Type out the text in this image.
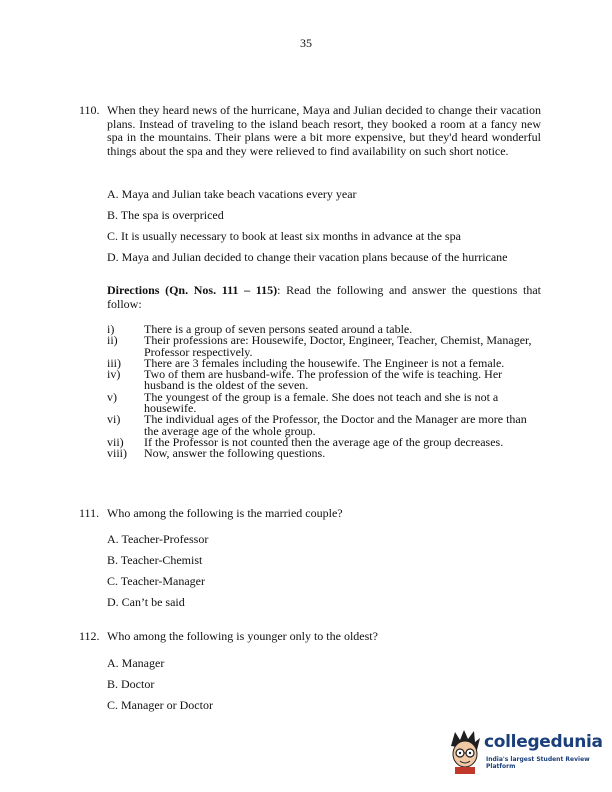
35
110. When they heard news of the hurricane, Maya and Julian decided to change their vacation plans. Instead of traveling to the island beach resort, they booked a room at a fancy new spa in the mountains. Their plans were a bit more expensive, but they'd heard wonderful things about the spa and they were relieved to find availability on such short notice.
A. Maya and Julian take beach vacations every year
B. The spa is overpriced
C. It is usually necessary to book at least six months in advance at the spa
D. Maya and Julian decided to change their vacation plans because of the hurricane
Directions (Qn. Nos. 111 – 115): Read the following and answer the questions that follow:
i)	There is a group of seven persons seated around a table.
ii)	Their professions are: Housewife, Doctor, Engineer, Teacher, Chemist, Manager, Professor respectively.
iii)	There are 3 females including the housewife. The Engineer is not a female.
iv)	Two of them are husband-wife. The profession of the wife is teaching. Her husband is the oldest of the seven.
v)	The youngest of the group is a female. She does not teach and she is not a housewife.
vi)	The individual ages of the Professor, the Doctor and the Manager are more than the average age of the whole group.
vii)	If the Professor is not counted then the average age of the group decreases.
viii)	Now, answer the following questions.
111. Who among the following is the married couple?
A. Teacher-Professor
B. Teacher-Chemist
C. Teacher-Manager
D. Can’t be said
112. Who among the following is younger only to the oldest?
A. Manager
B. Doctor
C. Manager or Doctor
collegedunia
India's largest Student Review Platform
